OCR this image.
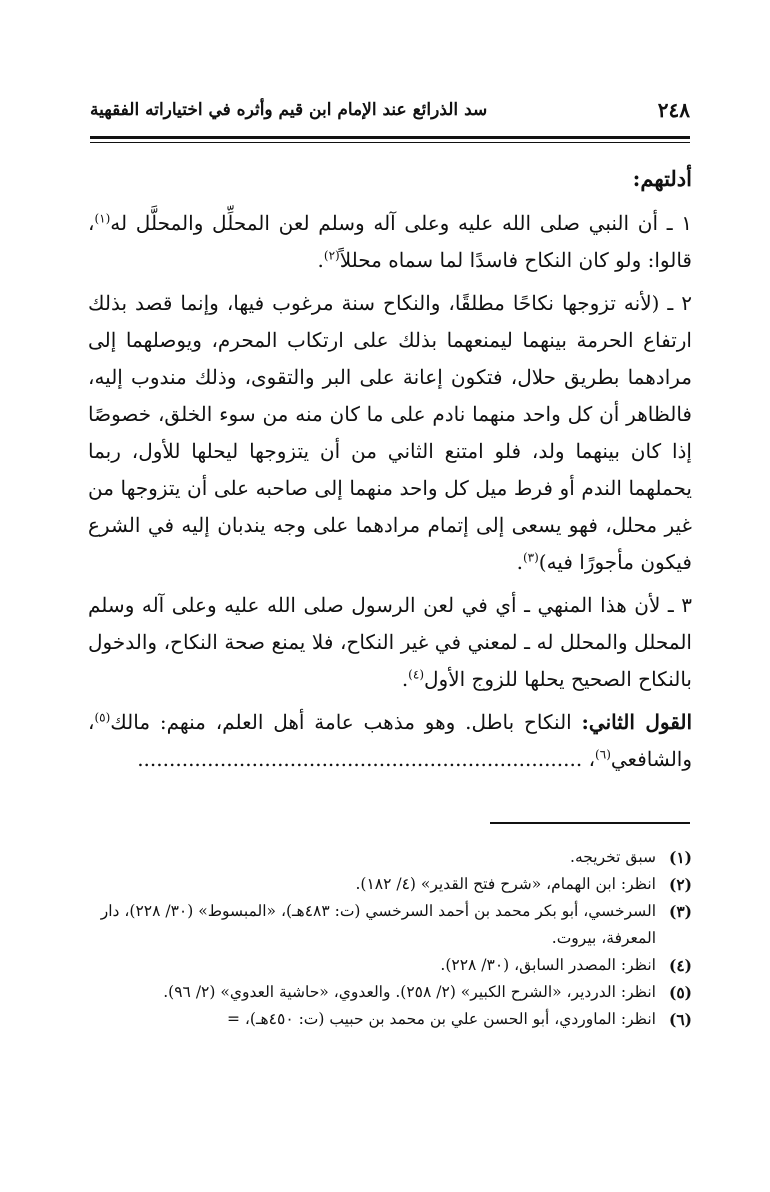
٢٤٨
سد الذرائع عند الإمام ابن قيم وأثره في اختياراته الفقهية

أدلتهم:

١ ـ أن النبي صلى الله عليه وعلى آله وسلم لعن المحلِّل والمحلَّل له$^{(١)}$، قالوا: ولو كان النكاح فاسدًا لما سماه محللاً$^{(٢)}$.

٢ ـ (لأنه تزوجها نكاحًا مطلقًا، والنكاح سنة مرغوب فيها، وإنما قصد بذلك ارتفاع الحرمة بينهما ليمنعهما بذلك على ارتكاب المحرم، ويوصلهما إلى مرادهما بطريق حلال، فتكون إعانة على البر والتقوى، وذلك مندوب إليه، فالظاهر أن كل واحد منهما نادم على ما كان منه من سوء الخلق، خصوصًا إذا كان بينهما ولد، فلو امتنع الثاني من أن يتزوجها ليحلها للأول، ربما يحملهما الندم أو فرط ميل كل واحد منهما إلى صاحبه على أن يتزوجها من غير محلل، فهو يسعى إلى إتمام مرادهما على وجه يندبان إليه في الشرع فيكون مأجورًا فيه)$^{(٣)}$.

٣ ـ لأن هذا المنهي ـ أي في لعن الرسول صلى الله عليه وعلى آله وسلم المحلل والمحلل له ـ لمعني في غير النكاح، فلا يمنع صحة النكاح، والدخول بالنكاح الصحيح يحلها للزوج الأول$^{(٤)}$.

القول الثاني: النكاح باطل. وهو مذهب عامة أهل العلم، منهم: مالك$^{(٥)}$، والشافعي$^{(٦)}$، ......................................................................

(١)
سبق تخريجه.

(٢)
انظر: ابن الهمام، «شرح فتح القدير» (٤/ ١٨٢).

(٣)
السرخسي، أبو بكر محمد بن أحمد السرخسي (ت: ٤٨٣هـ)، «المبسوط» (٣٠/ ٢٢٨)، دار المعرفة، بيروت.

(٤)
انظر: المصدر السابق، (٣٠/ ٢٢٨).

(٥)
انظر: الدردير، «الشرح الكبير» (٢/ ٢٥٨). والعدوي، «حاشية العدوي» (٢/ ٩٦).

(٦)
انظر: الماوردي، أبو الحسن علي بن محمد بن حبيب (ت: ٤٥٠هـ)، =
